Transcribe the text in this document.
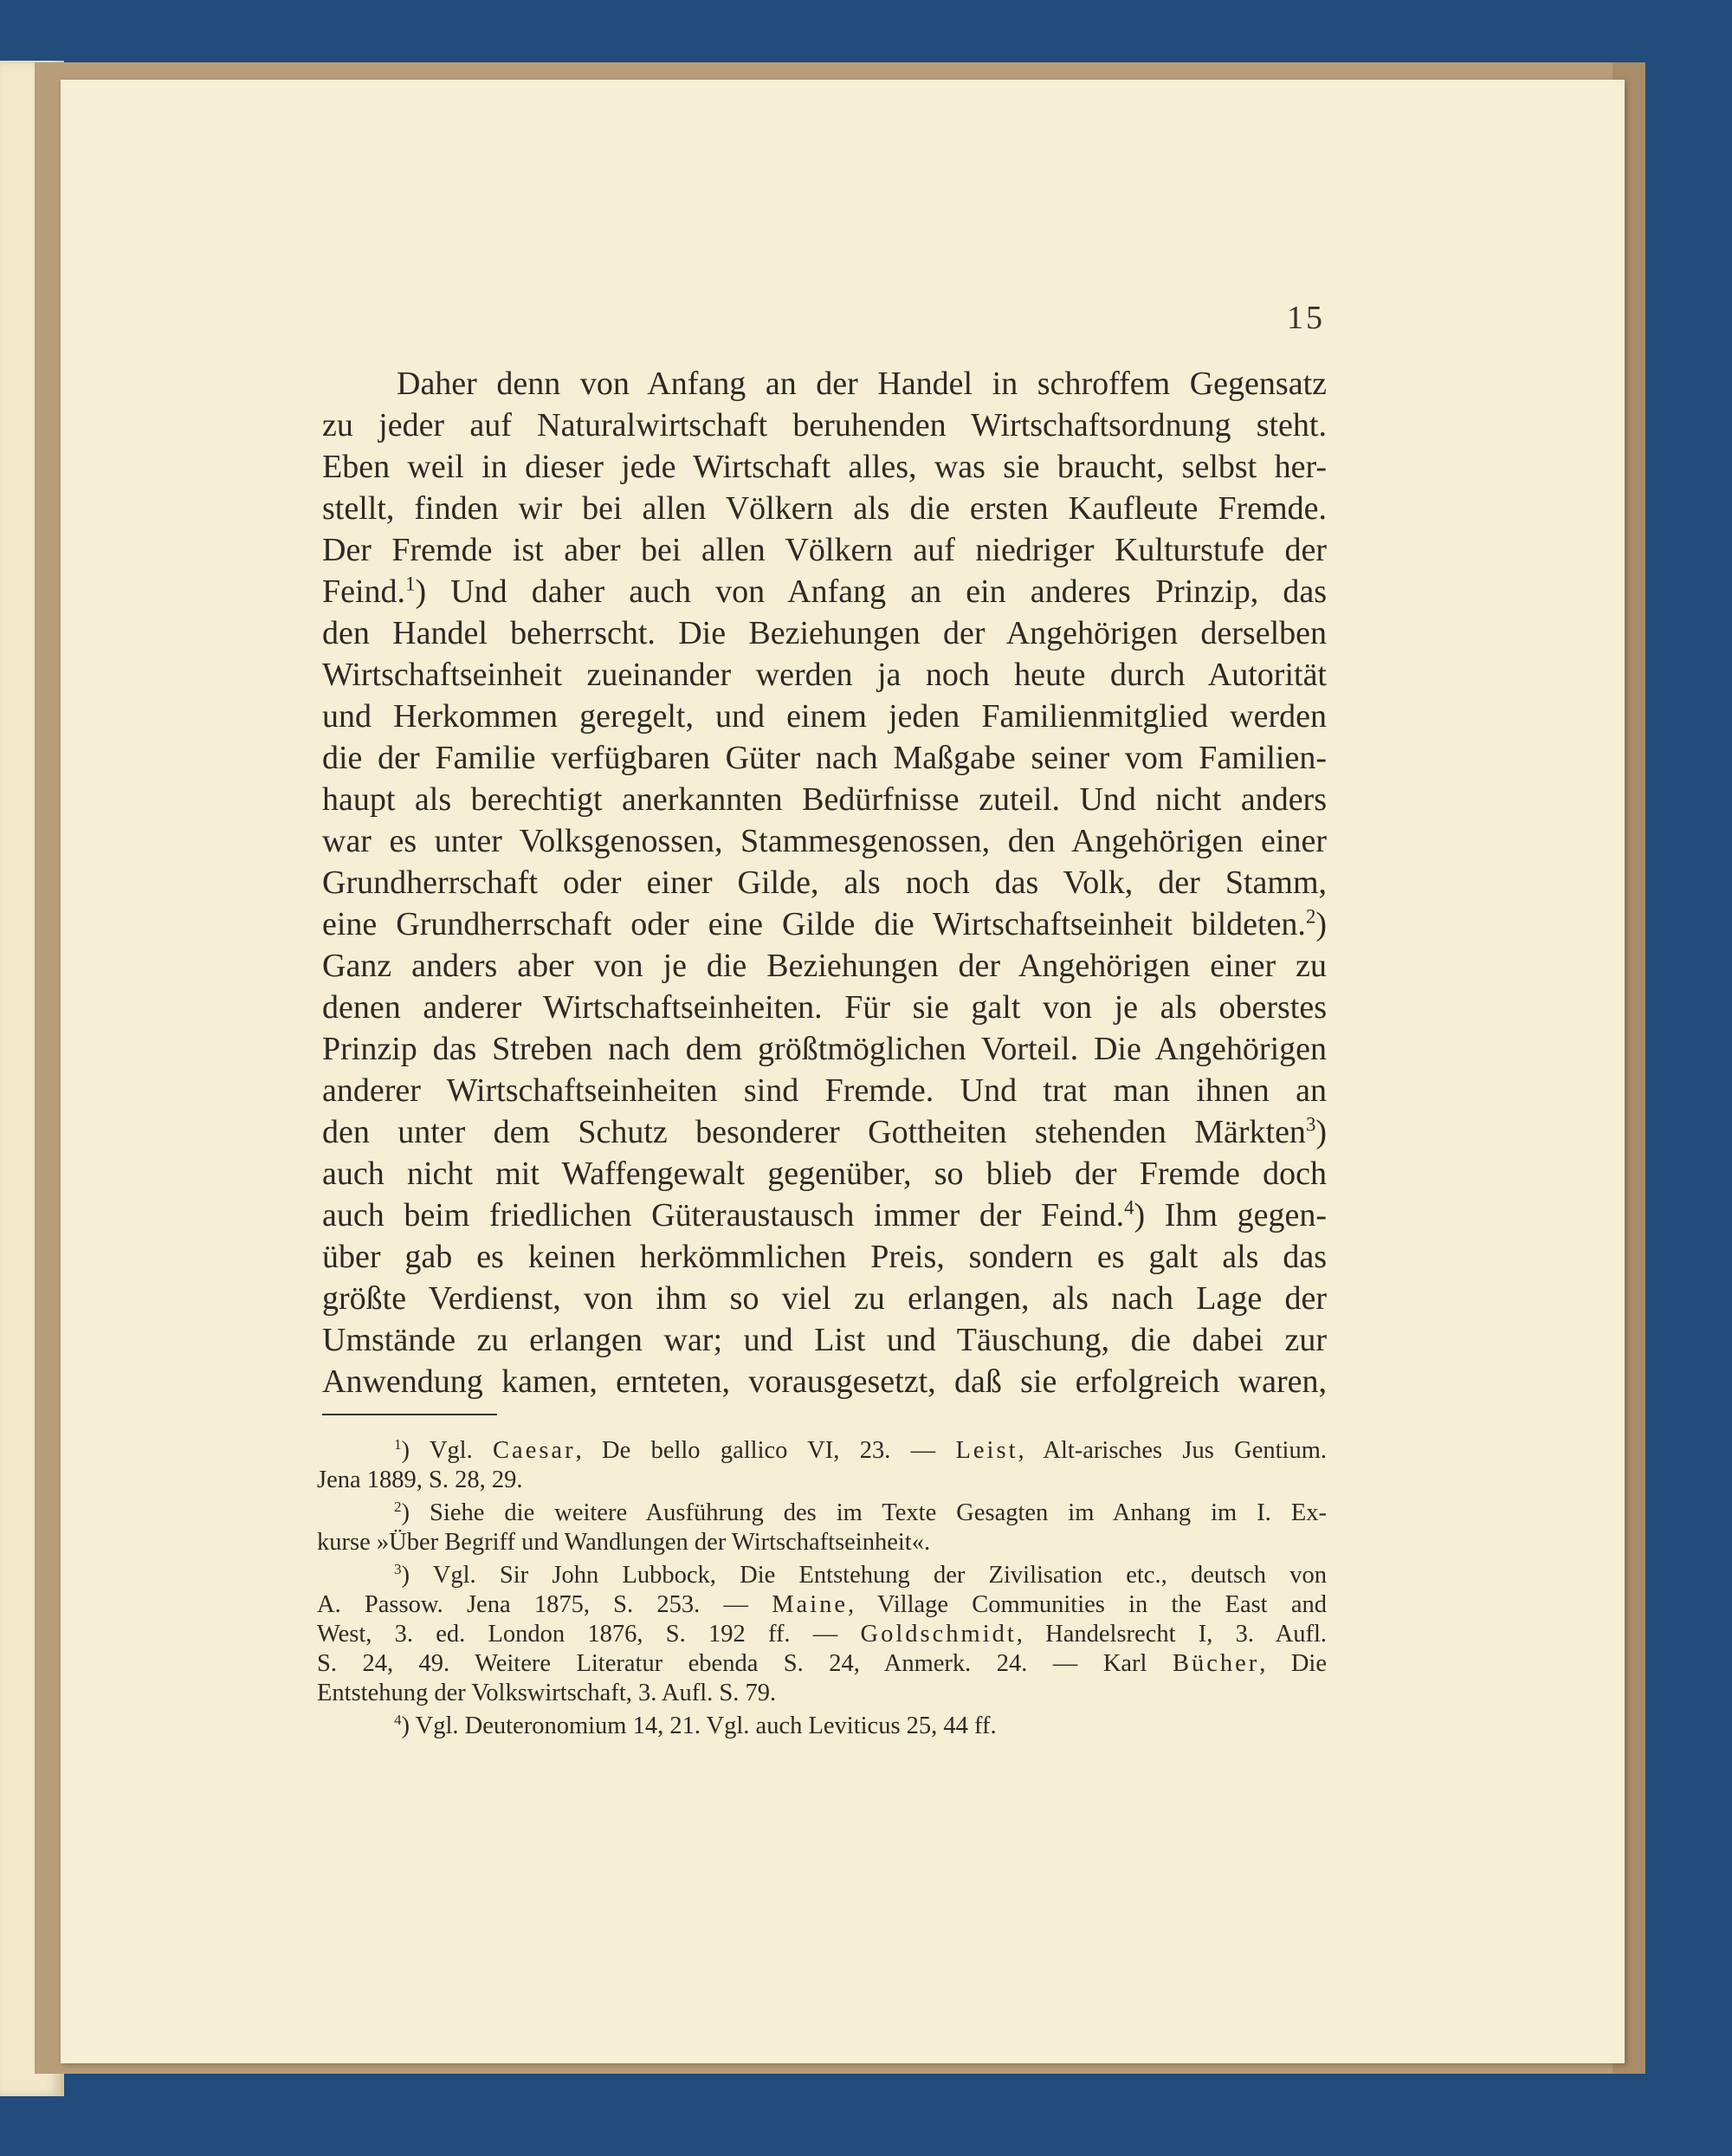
15
Daher denn von Anfang an der Handel in schroffem Gegensatz
zu jeder auf Naturalwirtschaft beruhenden Wirtschaftsordnung steht.
Eben weil in dieser jede Wirtschaft alles, was sie braucht, selbst her-
stellt, finden wir bei allen Völkern als die ersten Kaufleute Fremde.
Der Fremde ist aber bei allen Völkern auf niedriger Kulturstufe der
Feind.$^1$) Und daher auch von Anfang an ein anderes Prinzip, das
den Handel beherrscht. Die Beziehungen der Angehörigen derselben
Wirtschaftseinheit zueinander werden ja noch heute durch Autorität
und Herkommen geregelt, und einem jeden Familienmitglied werden
die der Familie verfügbaren Güter nach Maßgabe seiner vom Familien-
haupt als berechtigt anerkannten Bedürfnisse zuteil. Und nicht anders
war es unter Volksgenossen, Stammesgenossen, den Angehörigen einer
Grundherrschaft oder einer Gilde, als noch das Volk, der Stamm,
eine Grundherrschaft oder eine Gilde die Wirtschaftseinheit bildeten.$^2$)
Ganz anders aber von je die Beziehungen der Angehörigen einer zu
denen anderer Wirtschaftseinheiten. Für sie galt von je als oberstes
Prinzip das Streben nach dem größtmöglichen Vorteil. Die Angehörigen
anderer Wirtschaftseinheiten sind Fremde. Und trat man ihnen an
den unter dem Schutz besonderer Gottheiten stehenden Märkten$^3$)
auch nicht mit Waffengewalt gegenüber, so blieb der Fremde doch
auch beim friedlichen Güteraustausch immer der Feind.$^4$) Ihm gegen-
über gab es keinen herkömmlichen Preis, sondern es galt als das
größte Verdienst, von ihm so viel zu erlangen, als nach Lage der
Umstände zu erlangen war; und List und Täuschung, die dabei zur
Anwendung kamen, ernteten, vorausgesetzt, daß sie erfolgreich waren,
$^1$) Vgl. Caesar, De bello gallico VI, 23. — Leist, Alt-arisches Jus Gentium.
Jena 1889, S. 28, 29.
$^2$) Siehe die weitere Ausführung des im Texte Gesagten im Anhang im I. Ex-
kurse »Über Begriff und Wandlungen der Wirtschaftseinheit«.
$^3$) Vgl. Sir John Lubbock, Die Entstehung der Zivilisation etc., deutsch von
A. Passow. Jena 1875, S. 253. — Maine, Village Communities in the East and
West, 3. ed. London 1876, S. 192 ff. — Goldschmidt, Handelsrecht I, 3. Aufl.
S. 24, 49. Weitere Literatur ebenda S. 24, Anmerk. 24. — Karl Bücher, Die
Entstehung der Volkswirtschaft, 3. Aufl. S. 79.
$^4$) Vgl. Deuteronomium 14, 21. Vgl. auch Leviticus 25, 44 ff.
